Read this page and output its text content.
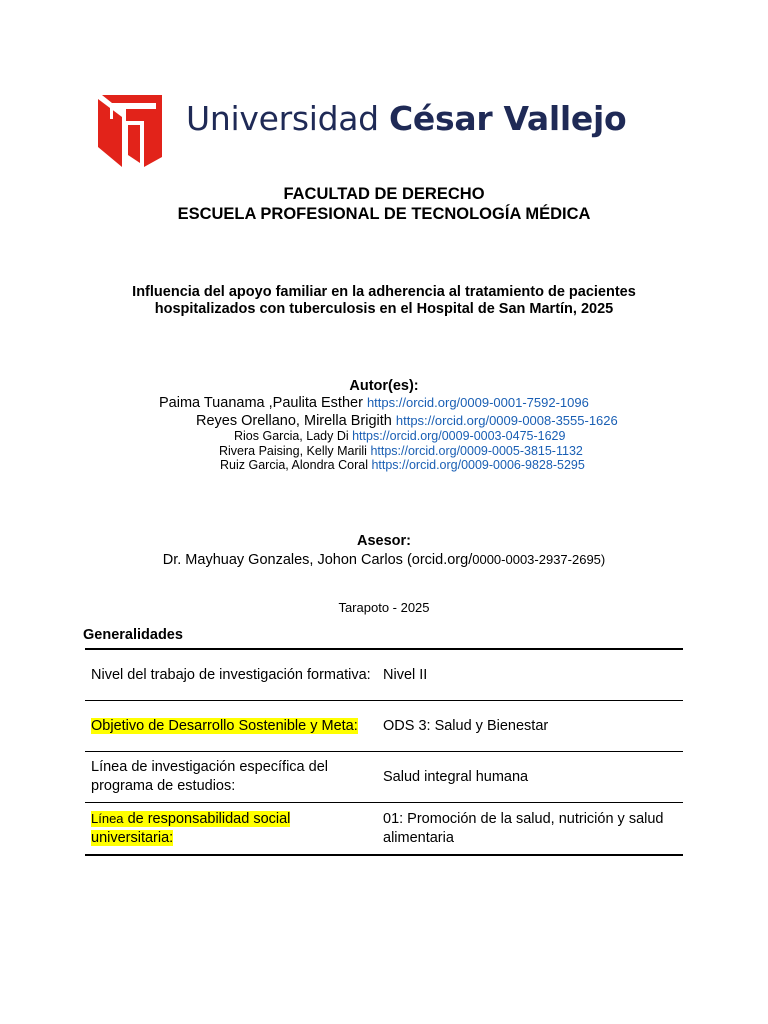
Universidad César Vallejo
FACULTAD DE DERECHO
ESCUELA PROFESIONAL DE TECNOLOGÍA MÉDICA
Influencia del apoyo familiar en la adherencia al tratamiento de pacientes
hospitalizados con tuberculosis en el Hospital de San Martín, 2025
Autor(es):
Paima Tuanama ,Paulita Esther https://orcid.org/0009-0001-7592-1096
Reyes Orellano, Mirella Brigith https://orcid.org/0009-0008-3555-1626
Rios Garcia, Lady Di https://orcid.org/0009-0003-0475-1629
Rivera Paising, Kelly Marili https://orcid.org/0009-0005-3815-1132
Ruiz Garcia, Alondra Coral https://orcid.org/0009-0006-9828-5295
Asesor:
Dr. Mayhuay Gonzales, Johon Carlos (orcid.org/0000-0003-2937-2695)
Tarapoto - 2025
Generalidades
Nivel del trabajo de investigación formativa:	Nivel II
Objetivo de Desarrollo Sostenible y Meta:	ODS 3: Salud y Bienestar
Línea de investigación específica del programa de estudios:	Salud integral humana
Línea de responsabilidad social universitaria:	01: Promoción de la salud, nutrición y salud alimentaria
